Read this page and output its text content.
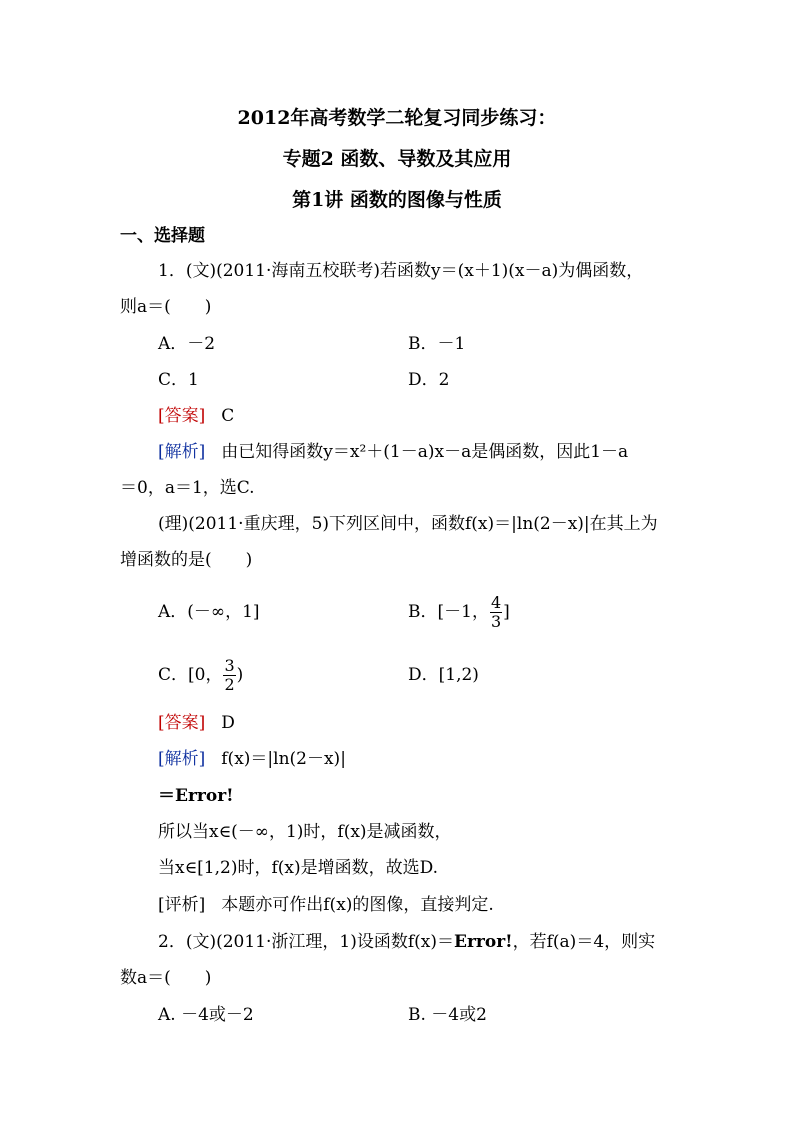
2012年高考数学二轮复习同步练习：
专题2 函数、导数及其应用
第1讲 函数的图像与性质
一、选择题
1．(文)(2011·海南五校联考)若函数y＝(x＋1)(x－a)为偶函数，
则a＝(　　)
A．－2	B．－1
C．1	D．2
[答案] C
[解析] 由已知得函数y＝x²＋(1－a)x－a是偶函数，因此1－a
＝0，a＝1，选C.
(理)(2011·重庆理，5)下列区间中，函数f(x)＝|ln(2－x)|在其上为
增函数的是(　　)
A．(－∞，1]	B．[－1， $\frac{4}{3}$ ]
C．[0， $\frac{3}{2}$ )	D．[1,2)
[答案] D
[解析] f(x)＝|ln(2－x)|
＝Error!
所以当x∈(－∞，1)时，f(x)是减函数，
当x∈[1,2)时，f(x)是增函数，故选D.
[评析] 本题亦可作出f(x)的图像，直接判定.
2．(文)(2011·浙江理，1)设函数f(x)＝Error!，若f(a)＝4，则实
数a＝(　　)
A. －4或－2	B. －4或2
